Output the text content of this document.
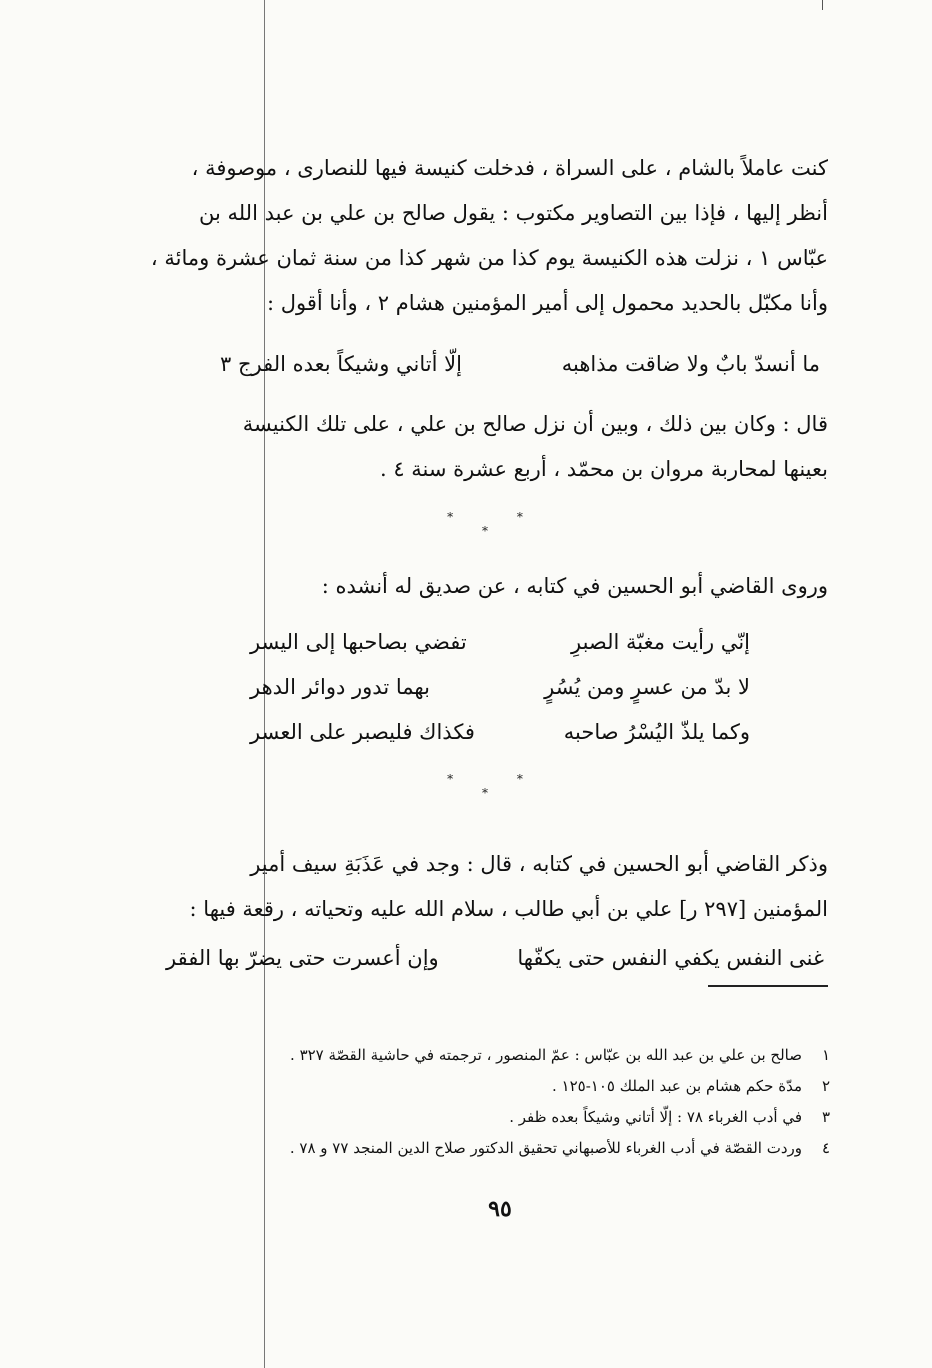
كنت عاملاً بالشام ، على السراة ، فدخلت كنيسة فيها للنصارى ، موصوفة ،
أنظر إليها ، فإذا بين التصاوير مكتوب : يقول صالح بن علي بن عبد الله بن
عبّاس ١ ، نزلت هذه الكنيسة يوم كذا من شهر كذا من سنة ثمان عشرة ومائة ،
وأنا مكبّل بالحديد محمول إلى أمير المؤمنين هشام ٢ ، وأنا أقول :

ما أنسدّ بابٌ ولا ضاقت مذاهبه
إلّا أتاني وشيكاً بعده الفرج ٣

قال : وكان بين ذلك ، وبين أن نزل صالح بن علي ، على تلك الكنيسة
بعينها لمحاربة مروان بن محمّد ، أربع عشرة سنة ٤ .

* * *

وروى القاضي أبو الحسين في كتابه ، عن صديق له أنشده :

إنّي رأيت مغبّة الصبرِ
تفضي بصاحبها إلى اليسر
لا بدّ من عسرٍ ومن يُسُرٍ
بهما تدور دوائر الدهر
وكما يلذّ اليُسْرُ صاحبه
فكذاك فليصبر على العسر
* * *

وذكر القاضي أبو الحسين في كتابه ، قال : وجد في عَذَبَةِ سيف أمير
المؤمنين [٢٩٧ ر] علي بن أبي طالب ، سلام الله عليه وتحياته ، رقعة فيها :

غنى النفس يكفي النفس حتى يكفّها
وإن أعسرت حتى يضرّ بها الفقر
١
صالح بن علي بن عبد الله بن عبّاس : عمّ المنصور ، ترجمته في حاشية القصّة ٣٢٧ .
٢
مدّة حكم هشام بن عبد الملك ١٠٥-١٢٥ .
٣
في أدب الغرباء ٧٨ : إلّا أتاني وشيكاً بعده ظفر .
٤
وردت القصّة في أدب الغرباء للأصبهاني تحقيق الدكتور صلاح الدين المنجد ٧٧ و ٧٨ .
٩٥
